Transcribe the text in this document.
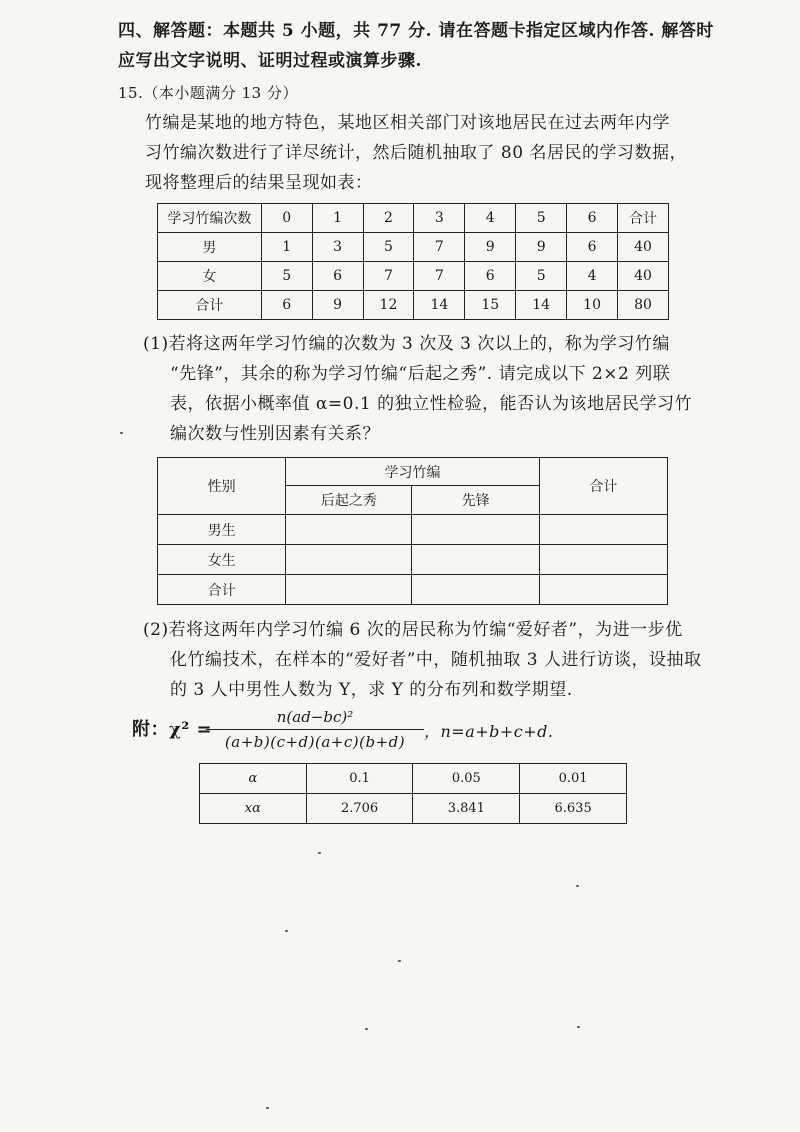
四、解答题：本题共 5 小题，共 77 分. 请在答题卡指定区域内作答. 解答时
应写出文字说明、证明过程或演算步骤.
15.（本小题满分 13 分）
竹编是某地的地方特色，某地区相关部门对该地居民在过去两年内学
习竹编次数进行了详尽统计，然后随机抽取了 80 名居民的学习数据，
现将整理后的结果呈现如表：
学习竹编次数	0	1	2	3	4	5	6	合计
男	1	3	5	7	9	9	6	40
女	5	6	7	7	6	5	4	40
合计	6	9	12	14	15	14	10	80
(1)若将这两年学习竹编的次数为 3 次及 3 次以上的，称为学习竹编
“先锋”，其余的称为学习竹编“后起之秀”. 请完成以下 2×2 列联
表，依据小概率值 α=0.1 的独立性检验，能否认为该地居民学习竹
编次数与性别因素有关系？
性别	学习竹编		合计
	后起之秀	先锋	
男生			
女生			
合计			
(2)若将这两年内学习竹编 6 次的居民称为竹编“爱好者”，为进一步优
化竹编技术，在样本的“爱好者”中，随机抽取 3 人进行访谈，设抽取
的 3 人中男性人数为 Y，求 Y 的分布列和数学期望.
附：χ² =
n(ad−bc)²
(a+b)(c+d)(a+c)(b+d)
，n=a+b+c+d.
α	0.1	0.05	0.01
xα	2.706	3.841	6.635
